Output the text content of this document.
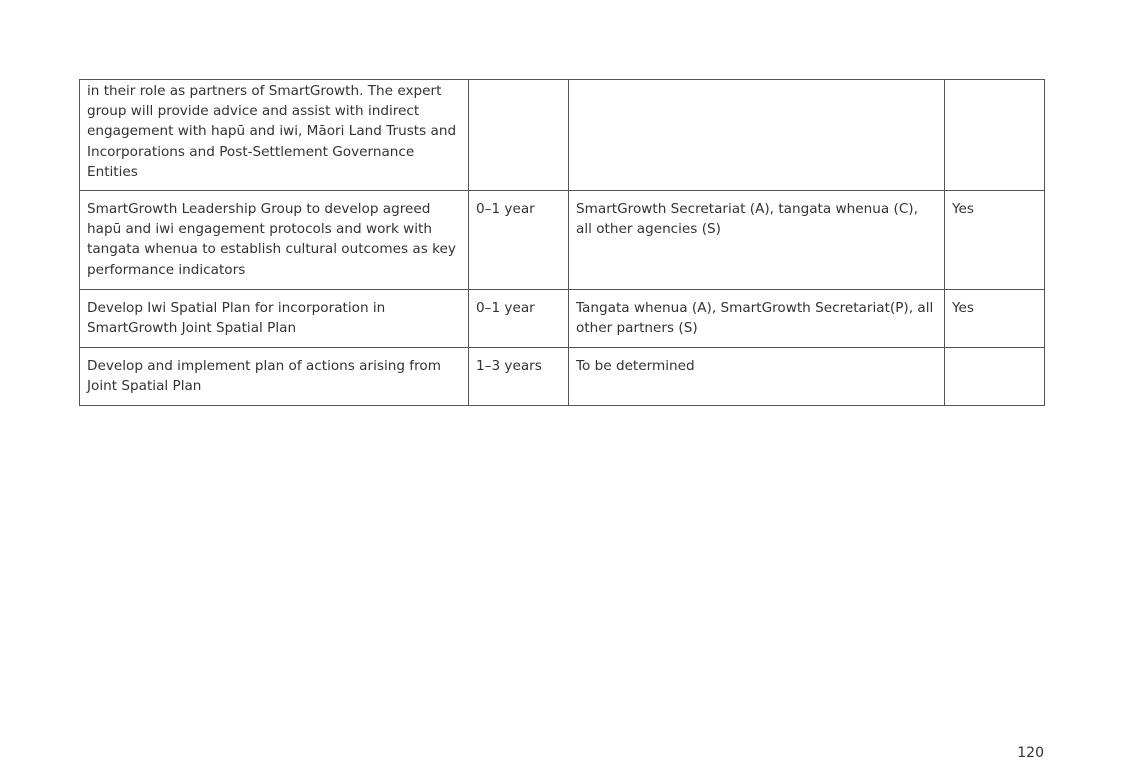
in their role as partners of SmartGrowth. The expert group will provide advice and assist with indirect engagement with hapū and iwi, Māori Land Trusts and Incorporations and Post-Settlement Governance Entities			
SmartGrowth Leadership Group to develop agreed hapū and iwi engagement protocols and work with tangata whenua to establish cultural outcomes as key performance indicators	0–1 year	SmartGrowth Secretariat (A), tangata whenua (C), all other agencies (S)	Yes
Develop Iwi Spatial Plan for incorporation in SmartGrowth Joint Spatial Plan	0–1 year	Tangata whenua (A), SmartGrowth Secretariat(P), all other partners (S)	Yes
Develop and implement plan of actions arising from Joint Spatial Plan	1–3 years	To be determined	
120
